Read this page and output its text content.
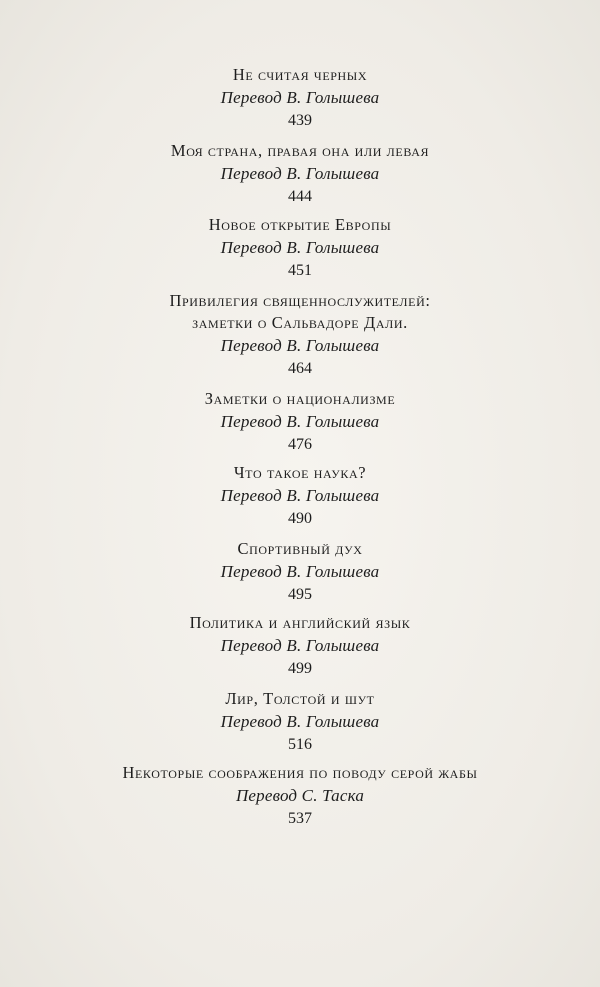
Не считая черных
Перевод В. Голышева
439
Моя страна, правая она или левая
Перевод В. Голышева
444
Новое открытие Европы
Перевод В. Голышева
451
Привилегия священнослужителей:
заметки о Сальвадоре Дали.
Перевод В. Голышева
464
Заметки о национализме
Перевод В. Голышева
476
Что такое наука?
Перевод В. Голышева
490
Спортивный дух
Перевод В. Голышева
495
Политика и английский язык
Перевод В. Голышева
499
Лир, Толстой и шут
Перевод В. Голышева
516
Некоторые соображения по поводу серой жабы
Перевод С. Таска
537
